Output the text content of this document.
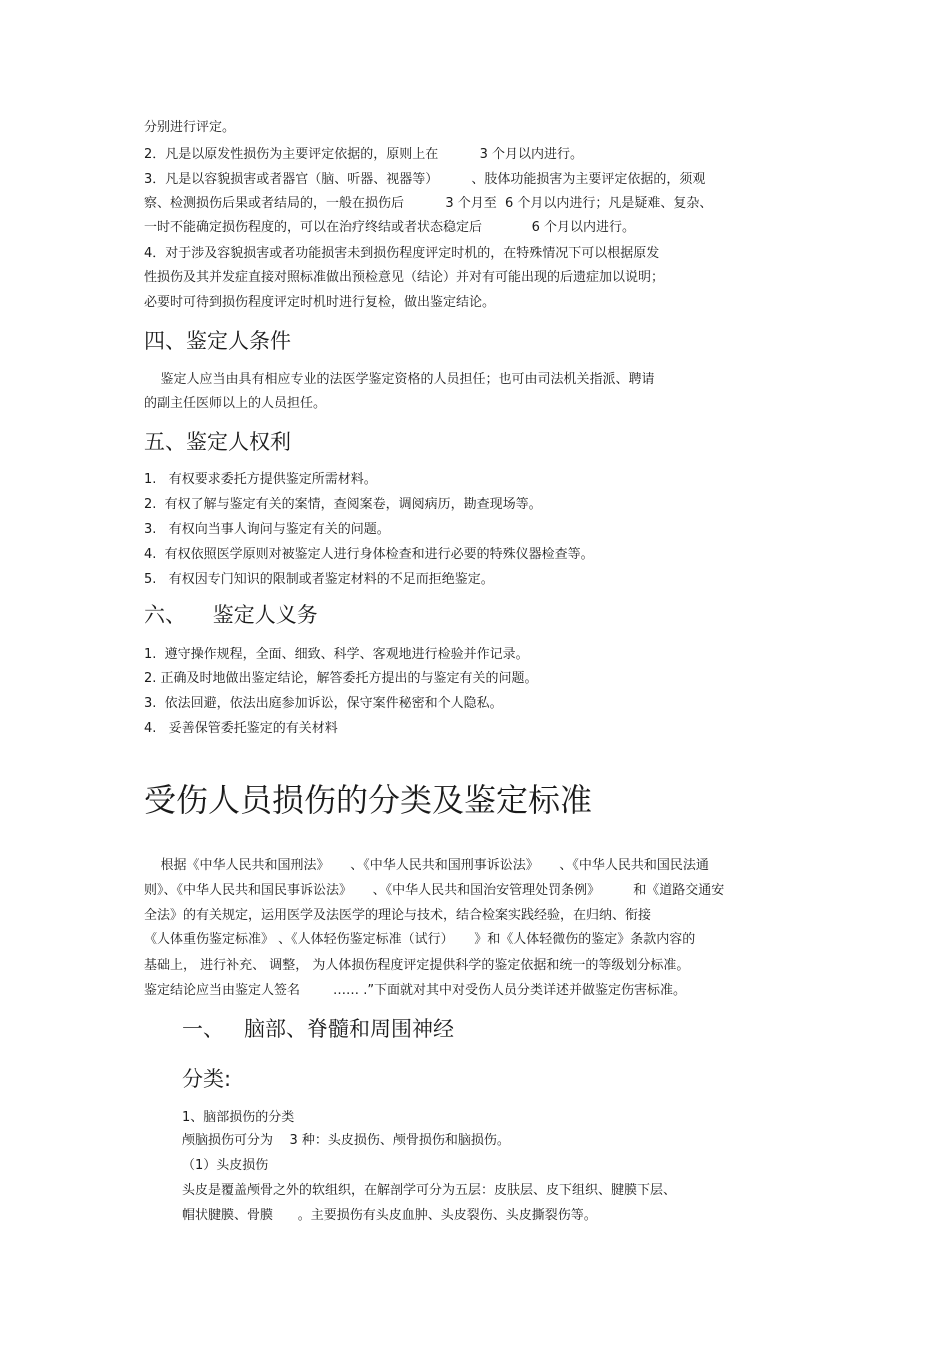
分别进行评定。
2．凡是以原发性损伤为主要评定依据的，原则上在          3 个月以内进行。
3．凡是以容貌损害或者器官（脑、听器、视器等）        、肢体功能损害为主要评定依据的，须观
察、检测损伤后果或者结局的，一般在损伤后          3 个月至  6 个月以内进行；凡是疑难、复杂、
一时不能确定损伤程度的，可以在治疗终结或者状态稳定后            6 个月以内进行。
4．对于涉及容貌损害或者功能损害未到损伤程度评定时机的，在特殊情况下可以根据原发
性损伤及其并发症直接对照标准做出预检意见（结论）并对有可能出现的后遗症加以说明；
必要时可待到损伤程度评定时机时进行复检，做出鉴定结论。
四、鉴定人条件
鉴定人应当由具有相应专业的法医学鉴定资格的人员担任；也可由司法机关指派、聘请
的副主任医师以上的人员担任。
五、鉴定人权利
1.   有权要求委托方提供鉴定所需材料。
2.  有权了解与鉴定有关的案情，查阅案卷，调阅病历，勘查现场等。
3.   有权向当事人询问与鉴定有关的问题。
4.  有权依照医学原则对被鉴定人进行身体检查和进行必要的特殊仪器检查等。
5.   有权因专门知识的限制或者鉴定材料的不足而拒绝鉴定。
六、    鉴定人义务
1.  遵守操作规程，全面、细致、科学、客观地进行检验并作记录。
2. 正确及时地做出鉴定结论，解答委托方提出的与鉴定有关的问题。
3.  依法回避，依法出庭参加诉讼，保守案件秘密和个人隐私。
4.   妥善保管委托鉴定的有关材料
受伤人员损伤的分类及鉴定标准
根据《中华人民共和国刑法》     、《中华人民共和国刑事诉讼法》     、《中华人民共和国民法通
则》、《中华人民共和国民事诉讼法》     、《中华人民共和国治安管理处罚条例》        和《道路交通安
全法》的有关规定，运用医学及法医学的理论与技术，结合检案实践经验，在归纳、衔接
《人体重伤鉴定标准》 、《人体轻伤鉴定标准（试行）     》和《人体轻微伤的鉴定》条款内容的
基础上， 进行补充、 调整， 为人体损伤程度评定提供科学的鉴定依据和统一的等级划分标准。
鉴定结论应当由鉴定人签名        …… .”下面就对其中对受伤人员分类详述并做鉴定伤害标准。
一、   脑部、脊髓和周围神经
分类:
1、脑部损伤的分类
颅脑损伤可分为    3 种：头皮损伤、颅骨损伤和脑损伤。
（1）头皮损伤
头皮是覆盖颅骨之外的软组织，在解剖学可分为五层：皮肤层、皮下组织、腱膜下层、
帽状腱膜、骨膜      。主要损伤有头皮血肿、头皮裂伤、头皮撕裂伤等。
